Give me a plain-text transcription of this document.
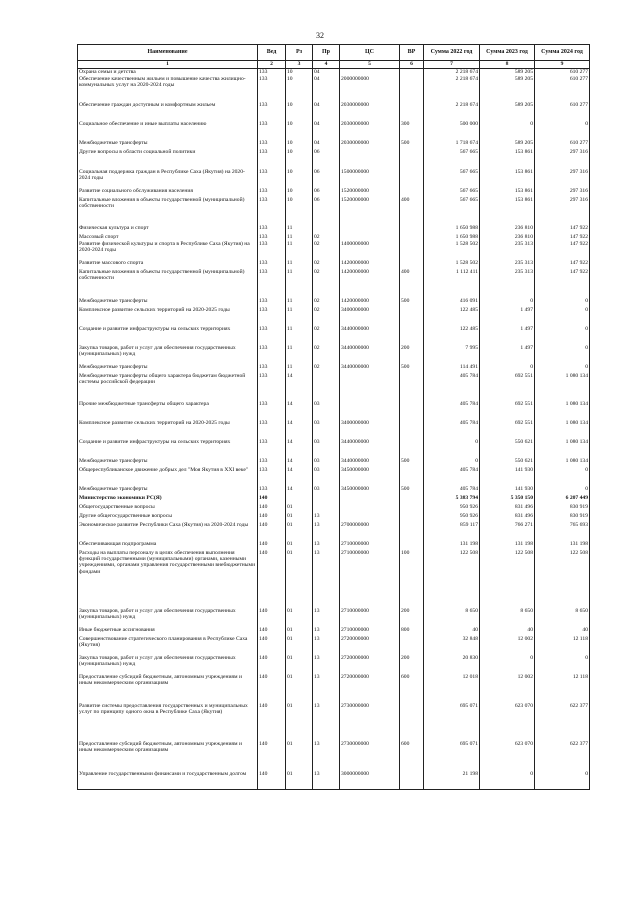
32
Наименование	Вед	Рз	Пр	ЦС	ВР	Сумма 2022 год	Сумма 2023 год	Сумма 2024 год
1	2	3	4	5	6	7	8	9
Охрана семьи и детства	133	10	04			2 218 674	589 205	610 277
Обеспечение качественным жильем и повышение качества жилищно-коммунальных услуг на 2020-2024 годы	133	10	04	2000000000		2 218 674	589 205	610 277
Обеспечение граждан доступным и комфортным жильем	133	10	04	2030000000		2 218 674	589 205	610 277
Социальное обеспечение и иные выплаты населению	133	10	04	2030000000	300	500 000	0	0
Межбюджетные трансферты	133	10	04	2030000000	500	1 718 674	589 205	610 277
Другие вопросы в области социальной политики	133	10	06			567 665	153 861	297 316
Социальная поддержка граждан в Республике Саха (Якутия) на 2020-2024 годы	133	10	06	1500000000		567 665	153 861	297 316
Развитие социального обслуживания населения	133	10	06	1520000000		567 665	153 861	297 316
Капитальные вложения в объекты государственной (муниципальной) собственности	133	10	06	1520000000	400	567 665	153 861	297 316
Физическая культура и спорт	133	11				1 650 988	236 810	147 922
Массовый спорт	133	11	02			1 650 988	236 810	147 922
Развитие физической культуры и спорта в Республике Саха (Якутия) на 2020-2024 годы	133	11	02	1400000000		1 528 502	235 313	147 922
Развитие массового спорта	133	11	02	1420000000		1 528 502	235 313	147 922
Капитальные вложения в объекты государственной (муниципальной) собственности	133	11	02	1420000000	400	1 112 411	235 313	147 922
Межбюджетные трансферты	133	11	02	1420000000	500	416 091	0	0
Комплексное развитие сельских территорий на 2020-2025 годы	133	11	02	3400000000		122 485	1 497	0
Создание и развитие инфраструктуры на сельских территориях	133	11	02	3440000000		122 485	1 497	0
Закупка товаров, работ и услуг для обеспечения государственных (муниципальных) нужд	133	11	02	3440000000	200	7 995	1 497	0
Межбюджетные трансферты	133	11	02	3440000000	500	114 491	0	0
Межбюджетные трансферты общего характера бюджетам бюджетной системы российской федерации	133	14				405 784	692 551	1 080 134
Прочие межбюджетные трансферты общего характера	133	14	03			405 784	692 551	1 080 134
Комплексное развитие сельских территорий на 2020-2025 годы	133	14	03	3400000000		405 784	692 551	1 080 134
Создание и развитие инфраструктуры на сельских территориях	133	14	03	3440000000		0	550 621	1 080 134
Межбюджетные трансферты	133	14	03	3440000000	500	0	550 621	1 080 134
Общереспубликанское движение добрых дел "Моя Якутия в XXI веке"	133	14	03	3450000000		405 784	141 930	0
Межбюджетные трансферты	133	14	03	3450000000	500	405 784	141 930	0
Министерство экономики РС(Я)	140					5 383 794	5 350 150	6 207 449
Общегосударственные вопросы	140	01				950 926	831 496	830 919
Другие общегосударственные вопросы	140	01	13			950 926	831 496	830 919
Экономическое развитие Республики Саха (Якутия) на 2020-2024 годы	140	01	13	2700000000		859 117	766 271	765 693
Обеспечивающая подпрограмма	140	01	13	2710000000		131 198	131 198	131 198
Расходы на выплаты персоналу в целях обеспечения выполнения функций государственными (муниципальными) органами, казенными учреждениями, органами управления государственными внебюджетными фондами	140	01	13	2710000000	100	122 508	122 508	122 508
Закупка товаров, работ и услуг для обеспечения государственных (муниципальных) нужд	140	01	13	2710000000	200	8 650	8 650	8 650
Иные бюджетные ассигнования	140	01	13	2710000000	800	40	40	40
Совершенствование стратегического планирования в Республике Саха (Якутия)	140	01	13	2720000000		32 848	12 002	12 118
Закупка товаров, работ и услуг для обеспечения государственных (муниципальных) нужд	140	01	13	2720000000	200	20 830	0	0
Предоставление субсидий бюджетным, автономным учреждениям и иным некоммерческим организациям	140	01	13	2720000000	600	12 018	12 002	12 118
Развитие системы предоставления государственных и муниципальных услуг по принципу одного окна в Республике Саха (Якутия)	140	01	13	2730000000		695 071	623 070	622 377
Предоставление субсидий бюджетным, автономным учреждениям и иным некоммерческим организациям	140	01	13	2730000000	600	695 071	623 070	622 377
Управление государственными финансами и государственным долгом	140	01	13	3000000000		21 198	0	0
